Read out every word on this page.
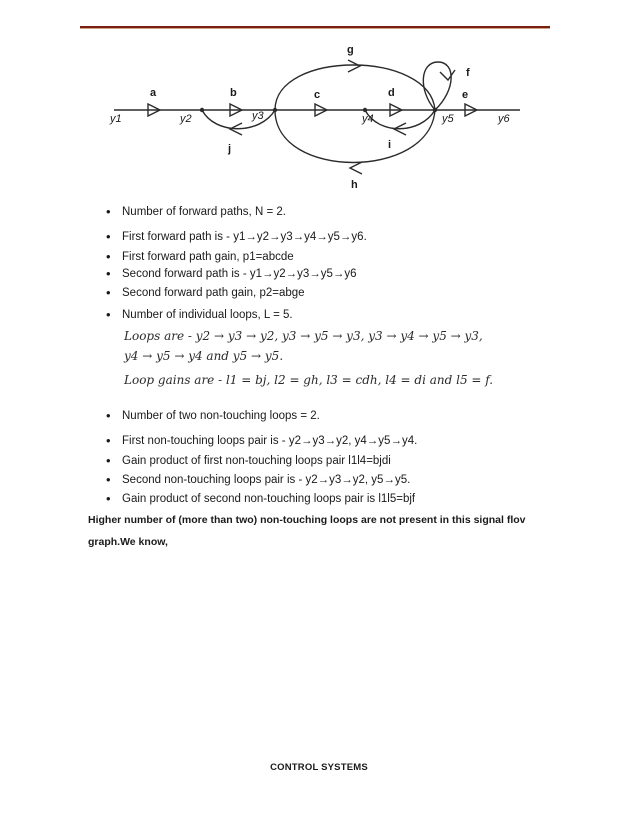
y1	y2	y3	y4	y5	y6
a	b	c	d	e
f
g
h
i
j
Number of forward paths, N = 2.
First forward path is - y1→y2→y3→y4→y5→y6.
First forward path gain, p1=abcde
Second forward path is - y1→y2→y3→y5→y6
Second forward path gain, p2=abge
Number of individual loops, L = 5.
Loops are - y2 → y3 → y2, y3 → y5 → y3, y3 → y4 → y5 → y3,
y4 → y5 → y4 and y5 → y5.
Loop gains are - l1 = bj, l2 = gh, l3 = cdh, l4 = di and l5 = f.
Number of two non-touching loops = 2.
First non-touching loops pair is - y2→y3→y2, y4→y5→y4.
Gain product of first non-touching loops pair l1l4=bjdi
Second non-touching loops pair is - y2→y3→y2, y5→y5.
Gain product of second non-touching loops pair is l1l5=bjf
Higher number of (more than two) non-touching loops are not present in this signal flov
graph.We know,
CONTROL SYSTEMS
